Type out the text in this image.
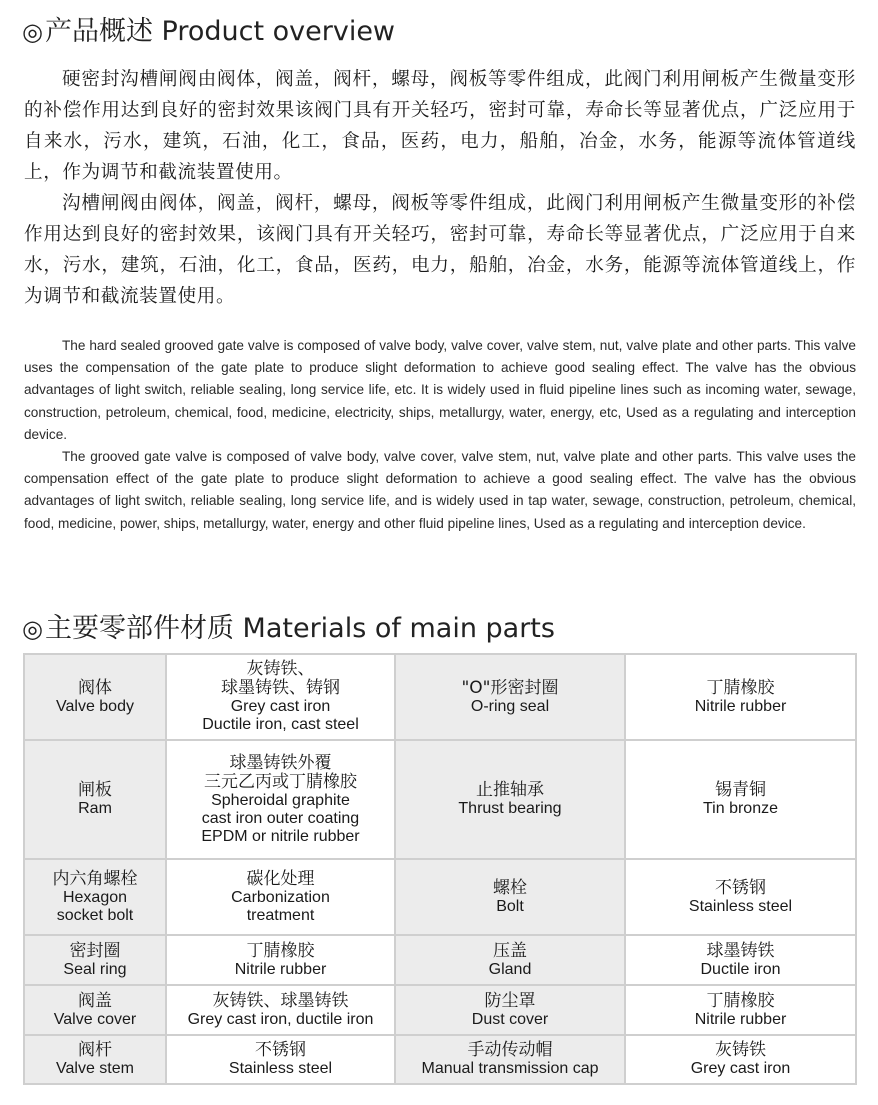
◎产品概述 Product overview

硬密封沟槽闸阀由阀体，阀盖，阀杆，螺母，阀板等零件组成，此阀门利用闸板产生微量变形的补偿作用达到良好的密封效果该阀门具有开关轻巧，密封可靠，寿命长等显著优点，广泛应用于自来水，污水，建筑，石油，化工，食品，医药，电力，船舶，冶金，水务，能源等流体管道线上，作为调节和截流装置使用。

沟槽闸阀由阀体，阀盖，阀杆，螺母，阀板等零件组成，此阀门利用闸板产生微量变形的补偿作用达到良好的密封效果，该阀门具有开关轻巧，密封可靠，寿命长等显著优点，广泛应用于自来水，污水，建筑，石油，化工，食品，医药，电力，船舶，冶金，水务，能源等流体管道线上，作为调节和截流装置使用。

The hard sealed grooved gate valve is composed of valve body, valve cover, valve stem, nut, valve plate and other parts. This valve uses the compensation of the gate plate to produce slight deformation to achieve good sealing effect. The valve has the obvious advantages of light switch, reliable sealing, long service life, etc. It is widely used in fluid pipeline lines such as incoming water, sewage, construction, petroleum, chemical, food, medicine, electricity, ships, metallurgy, water, energy, etc, Used as a regulating and interception device.

The grooved gate valve is composed of valve body, valve cover, valve stem, nut, valve plate and other parts. This valve uses the compensation effect of the gate plate to produce slight deformation to achieve a good sealing effect. The valve has the obvious advantages of light switch, reliable sealing, long service life, and is widely used in tap water, sewage, construction, petroleum, chemical, food, medicine, power, ships, metallurgy, water, energy and other fluid pipeline lines, Used as a regulating and interception device.

◎主要零部件材质 Materials of main parts
阀体
Valve body	灰铸铁、
球墨铸铁、铸钢
Grey cast iron
Ductile iron, cast steel	"O"形密封圈
O-ring seal	丁腈橡胶
Nitrile rubber

闸板
Ram	球墨铸铁外覆
三元乙丙或丁腈橡胶
Spheroidal graphite
cast iron outer coating
EPDM or nitrile rubber	止推轴承
Thrust bearing	锡青铜
Tin bronze

内六角螺栓
Hexagon
socket bolt	碳化处理
Carbonization
treatment	螺栓
Bolt	不锈钢
Stainless steel

密封圈
Seal ring	丁腈橡胶
Nitrile rubber	压盖
Gland	球墨铸铁
Ductile iron

阀盖
Valve cover	灰铸铁、球墨铸铁
Grey cast iron, ductile iron	防尘罩
Dust cover	丁腈橡胶
Nitrile rubber

阀杆
Valve stem	不锈钢
Stainless steel	手动传动帽
Manual transmission cap	灰铸铁
Grey cast iron
